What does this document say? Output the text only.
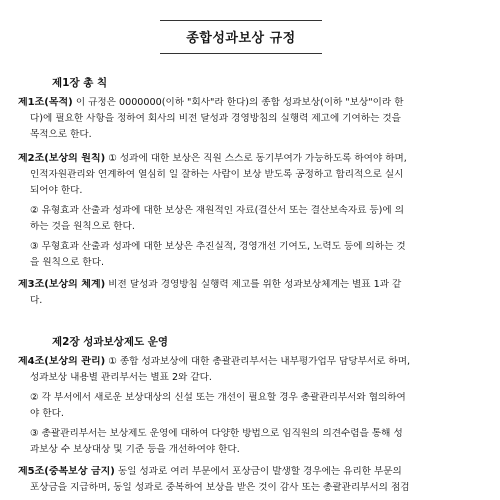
종합성과보상 규정
제1장 총 칙
제1조(목적) 이 규정은 0000000(이하 "회사"라 한다)의 종합 성과보상(이하 "보상"이라 한
다)에 필요한 사항을 정하여 회사의 비전 달성과 경영방침의 실행력 제고에 기여하는 것을
목적으로 한다.
제2조(보상의 원칙) ① 성과에 대한 보상은 직원 스스로 동기부여가 가능하도록 하여야 하며,
인적자원관리와 연계하여 열심히 일 잘하는 사람이 보상 받도록 공정하고 합리적으로 실시
되어야 한다.
② 유형효과 산출과 성과에 대한 보상은 재원적인 자료(결산서 또는 결산보속자료 등)에 의
하는 것을 원칙으로 한다.
③ 무형효과 산출과 성과에 대한 보상은 추진실적, 경영개선 기여도, 노력도 등에 의하는 것
을 원칙으로 한다.
제3조(보상의 체계) 비전 달성과 경영방침 실행력 제고를 위한 성과보상체계는 별표 1과 같
다.
제2장 성과보상제도 운영
제4조(보상의 관리) ① 종합 성과보상에 대한 총괄관리부서는 내부평가업무 담당부서로 하며,
성과보상 내용별 관리부서는 별표 2와 같다.
② 각 부서에서 새로운 보상대상의 신설 또는 개선이 필요할 경우 총괄관리부서와 협의하여
야 한다.
③ 총괄관리부서는 보상제도 운영에 대하여 다양한 방법으로 임직원의 의견수렴을 통해 성
과보상 수 보상대상 및 기준 등을 개선하여야 한다.
제5조(중복보상 금지) 동일 성과로 여러 부문에서 포상금이 발생할 경우에는 유리한 부문의
포상금을 지급하며, 동일 성과로 중복하여 보상을 받은 것이 감사 또는 총괄관리부서의 점검
